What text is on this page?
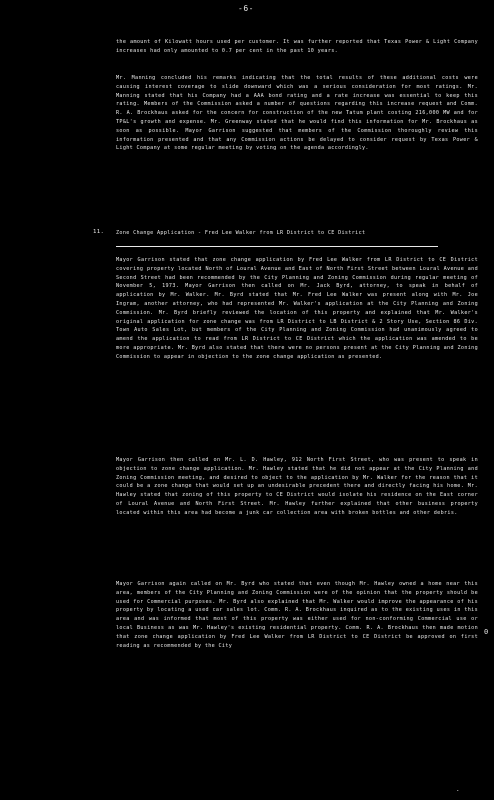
-6-
the amount of Kilowatt hours used per customer. It was further reported that Texas Power & Light Company increases had only amounted to 0.7 per cent in the past 10 years.
Mr. Manning concluded his remarks indicating that the total results of these additional costs were causing interest coverage to slide downward which was a serious consideration for most ratings. Mr. Manning stated that his Company had a AAA bond rating and a rate increase was essential to keep this rating. Members of the Commission asked a number of questions regarding this increase request and Comm. R. A. Brockhaus asked for the concern for construction of the new Tatum plant costing 216,000 MW and for TP&L's growth and expense. Mr. Greenway stated that he would find this information for Mr. Brockhaus as soon as possible. Mayor Garrison suggested that members of the Commission thoroughly review this information presented and that any Commission actions be delayed to consider request by Texas Power & Light Company at some regular meeting by voting on the agenda accordingly.
11. Zone Change Application - Fred Lee Walker from LR District to CE District
Mayor Garrison stated that zone change application by Fred Lee Walker from LR District to CE District covering property located North of Loural Avenue and East of North First Street between Loural Avenue and Second Street had been recommended by the City Planning and Zoning Commission during regular meeting of November 5, 1973. Mayor Garrison then called on Mr. Jack Byrd, attorney, to speak in behalf of application by Mr. Walker. Mr. Byrd stated that Mr. Fred Lee Walker was present along with Mr. Joe Ingram, another attorney, who had represented Mr. Walker's application at the City Planning and Zoning Commission. Mr. Byrd briefly reviewed the location of this property and explained that Mr. Walker's original application for zone change was from LR District to LB District & 2 Story Use, Section 86 Div. Town Auto Sales Lot, but members of the City Planning and Zoning Commission had unanimously agreed to amend the application to read from LR District to CE District which the application was amended to be more appropriate. Mr. Byrd also stated that there were no persons present at the City Planning and Zoning Commission to appear in objection to the zone change application as presented.
Mayor Garrison then called on Mr. L. D. Hawley, 912 North First Street, who was present to speak in objection to zone change application. Mr. Hawley stated that he did not appear at the City Planning and Zoning Commission meeting, and desired to object to the application by Mr. Walker for the reason that it could be a zone change that would set up an undesirable precedent there and directly facing his home. Mr. Hawley stated that zoning of this property to CE District would isolate his residence on the East corner of Loural Avenue and North First Street. Mr. Hawley further explained that other business property located within this area had become a junk car collection area with broken bottles and other debris.
Mayor Garrison again called on Mr. Byrd who stated that even though Mr. Hawley owned a home near this area, members of the City Planning and Zoning Commission were of the opinion that the property should be used for Commercial purposes. Mr. Byrd also explained that Mr. Walker would improve the appearance of his property by locating a used car sales lot. Comm. R. A. Brockhaus inquired as to the existing uses in this area and was informed that most of this property was either used for non-conforming Commercial use or local Business as was Mr. Hawley's existing residential property. Comm. R. A. Brockhaus then made motion that zone change application by Fred Lee Walker from LR District to CE District be approved on first reading as recommended by the City
0
.
